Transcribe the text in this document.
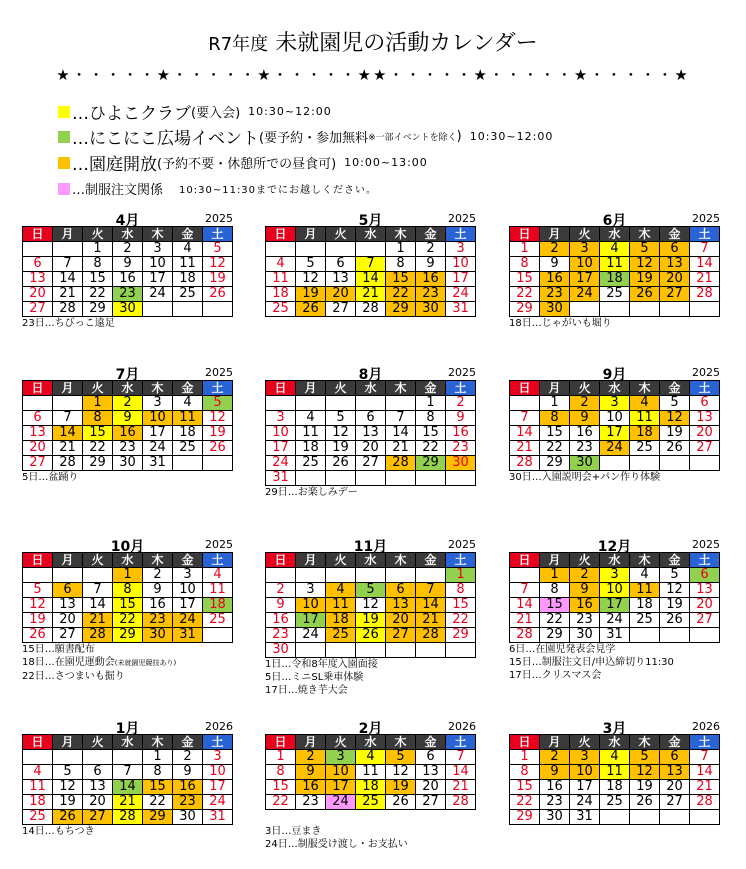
R7年度 未就園児の活動カレンダー
★・・・・・★・・・・・★・・・・・★★・・・・・★・・・・・★・・・・・★
…ひよこクラブ (要入会) 10:30~12:00
…にこにこ広場イベント (要予約・参加無料 ※一部イベントを除く ) 10:30~12:00
…園庭開放 (予約不要・休憩所での昼食可) 10:00~13:00
…制服注文関係 10:30~11:30までにお越しください。
4月	2025
日	月	火	水	木	金	土
		1	2	3	4	5
6	7	8	9	10	11	12
13	14	15	16	17	18	19
20	21	22	23	24	25	26
27	28	29	30			
23日…ちびっこ遠足
5月	2025
日	月	火	水	木	金	土
				1	2	3
4	5	6	7	8	9	10
11	12	13	14	15	16	17
18	19	20	21	22	23	24
25	26	27	28	29	30	31
6月	2025
日	月	火	水	木	金	土
1	2	3	4	5	6	7
8	9	10	11	12	13	14
15	16	17	18	19	20	21
22	23	24	25	26	27	28
29	30					
18日…じゃがいも堀り
7月	2025
日	月	火	水	木	金	土
		1	2	3	4	5
6	7	8	9	10	11	12
13	14	15	16	17	18	19
20	21	22	23	24	25	26
27	28	29	30	31		
5日…盆踊り
8月	2025
日	月	火	水	木	金	土
					1	2
3	4	5	6	7	8	9
10	11	12	13	14	15	16
17	18	19	20	21	22	23
24	25	26	27	28	29	30
31						
29日…お楽しみデー
9月	2025
日	月	火	水	木	金	土
	1	2	3	4	5	6
7	8	9	10	11	12	13
14	15	16	17	18	19	20
21	22	23	24	25	26	27
28	29	30				
30日…入園説明会+パン作り体験
10月	2025
日	月	火	水	木	金	土
			1	2	3	4
5	6	7	8	9	10	11
12	13	14	15	16	17	18
19	20	21	22	23	24	25
26	27	28	29	30	31	
15日…願書配布
18日…在園児運動会(未就園児競技あり)
22日…さつまいも掘り
11月	2025
日	月	火	水	木	金	土
						1
2	3	4	5	6	7	8
9	10	11	12	13	14	15
16	17	18	19	20	21	22
23	24	25	26	27	28	29
30						
1日…令和8年度入園面接
5日…ミニSL乗車体験
17日…焼き芋大会
12月	2025
日	月	火	水	木	金	土
	1	2	3	4	5	6
7	8	9	10	11	12	13
14	15	16	17	18	19	20
21	22	23	24	25	26	27
28	29	30	31			
6日…在園児発表会見学
15日…制服注文日/申込締切り11:30
17日…クリスマス会
1月	2026
日	月	火	水	木	金	土
				1	2	3
4	5	6	7	8	9	10
11	12	13	14	15	16	17
18	19	20	21	22	23	24
25	26	27	28	29	30	31
14日…もちつき
2月	2026
日	月	火	水	木	金	土
1	2	3	4	5	6	7
8	9	10	11	12	13	14
15	16	17	18	19	20	21
22	23	24	25	26	27	28
3日…豆まき
24日…制服受け渡し・お支払い
3月	2026
日	月	火	水	木	金	土
1	2	3	4	5	6	7
8	9	10	11	12	13	14
15	16	17	18	19	20	21
22	23	24	25	26	27	28
29	30	31				
